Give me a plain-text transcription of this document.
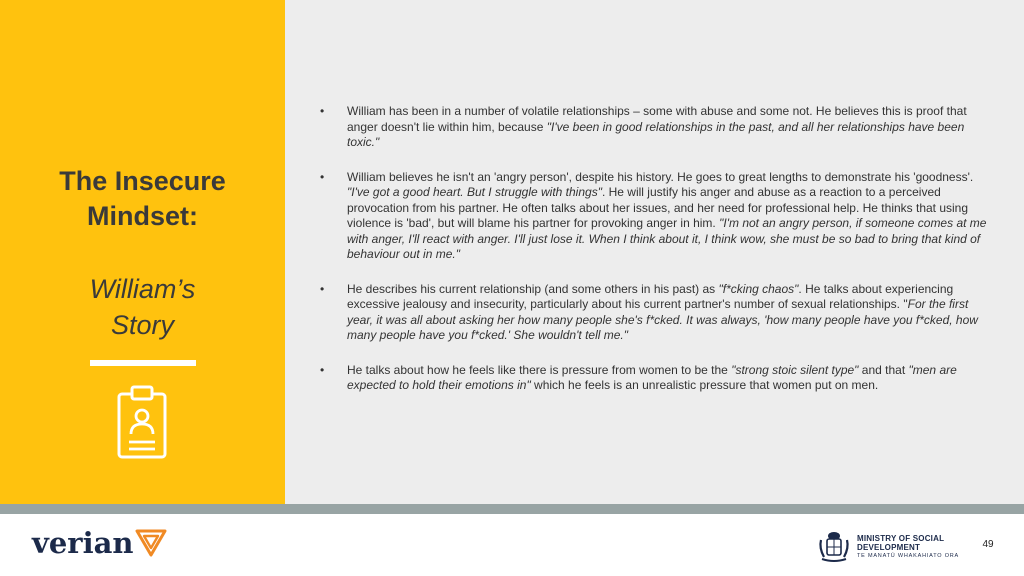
The Insecure
Mindset:
William’s
Story
• William has been in a number of volatile relationships – some with abuse and some not. He believes this is proof that anger doesn't lie within him, because "I've been in good relationships in the past, and all her relationships have been toxic."
• William believes he isn't an 'angry person', despite his history. He goes to great lengths to demonstrate his 'goodness'. "I've got a good heart. But I struggle with things". He will justify his anger and abuse as a reaction to a perceived provocation from his partner. He often talks about her issues, and her need for professional help. He thinks that using violence is 'bad', but will blame his partner for provoking anger in him. "I'm not an angry person, if someone comes at me with anger, I'll react with anger. I'll just lose it. When I think about it, I think wow, she must be so bad to bring that kind of behaviour out in me."
• He describes his current relationship (and some others in his past) as "f*cking chaos". He talks about experiencing excessive jealousy and insecurity, particularly about his current partner's number of sexual relationships. "For the first year, it was all about asking her how many people she's f*cked. It was always, 'how many people have you f*cked, how many people have you f*cked.' She wouldn't tell me."
• He talks about how he feels like there is pressure from women to be the "strong stoic silent type" and that "men are expected to hold their emotions in" which he feels is an unrealistic pressure that women put on men.
verian	MINISTRY OF SOCIAL
DEVELOPMENT
TE MANATŪ WHAKAHIATO ORA
49
